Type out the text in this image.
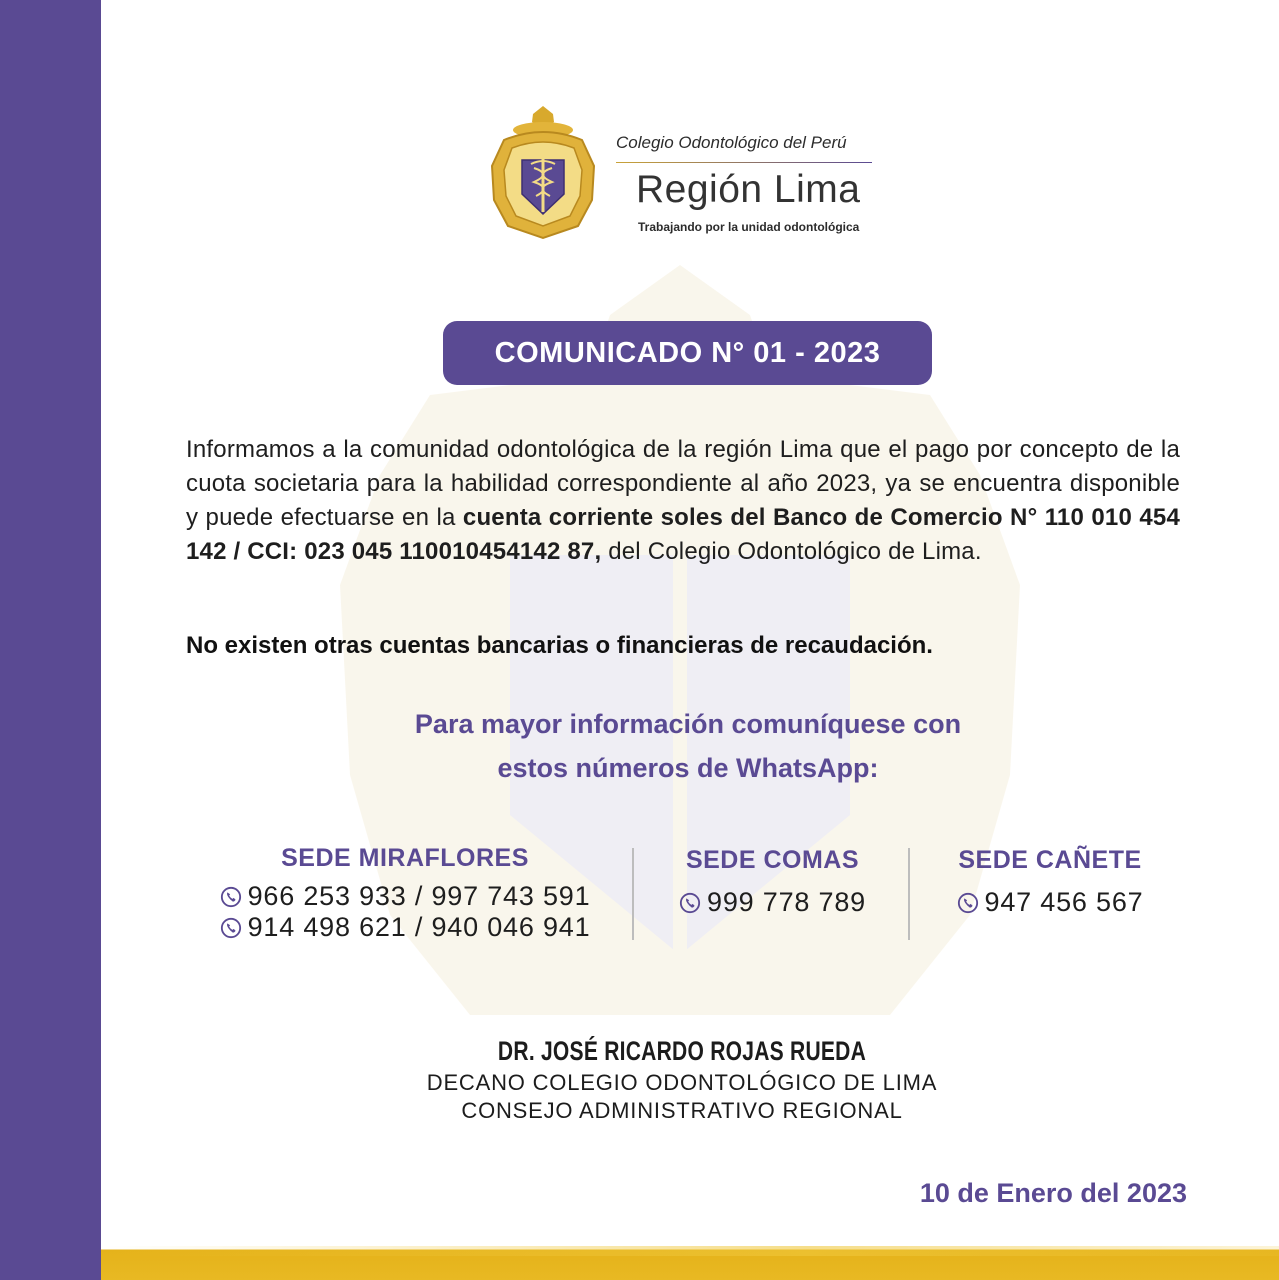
Colegio Odontológico del Perú
Región Lima
Trabajando por la unidad odontológica
COMUNICADO N° 01 - 2023
Informamos a la comunidad odontológica de la región Lima que el pago por concepto de la cuota societaria para la habilidad correspondiente al año 2023, ya se encuentra disponible y puede efectuarse en la cuenta corriente soles del Banco de Comercio N° 110 010 454 142 / CCI: 023 045 110010454142 87, del Colegio Odontológico de Lima.
No existen otras cuentas bancarias o financieras de recaudación.
Para mayor información comuníquese con
estos números de WhatsApp:
SEDE MIRAFLORES
966 253 933 / 997 743 591
914 498 621 / 940 046 941
SEDE COMAS
999 778 789
SEDE CAÑETE
947 456 567
DR. JOSÉ RICARDO ROJAS RUEDA
DECANO COLEGIO ODONTOLÓGICO DE LIMA
CONSEJO ADMINISTRATIVO REGIONAL
10 de Enero del 2023
